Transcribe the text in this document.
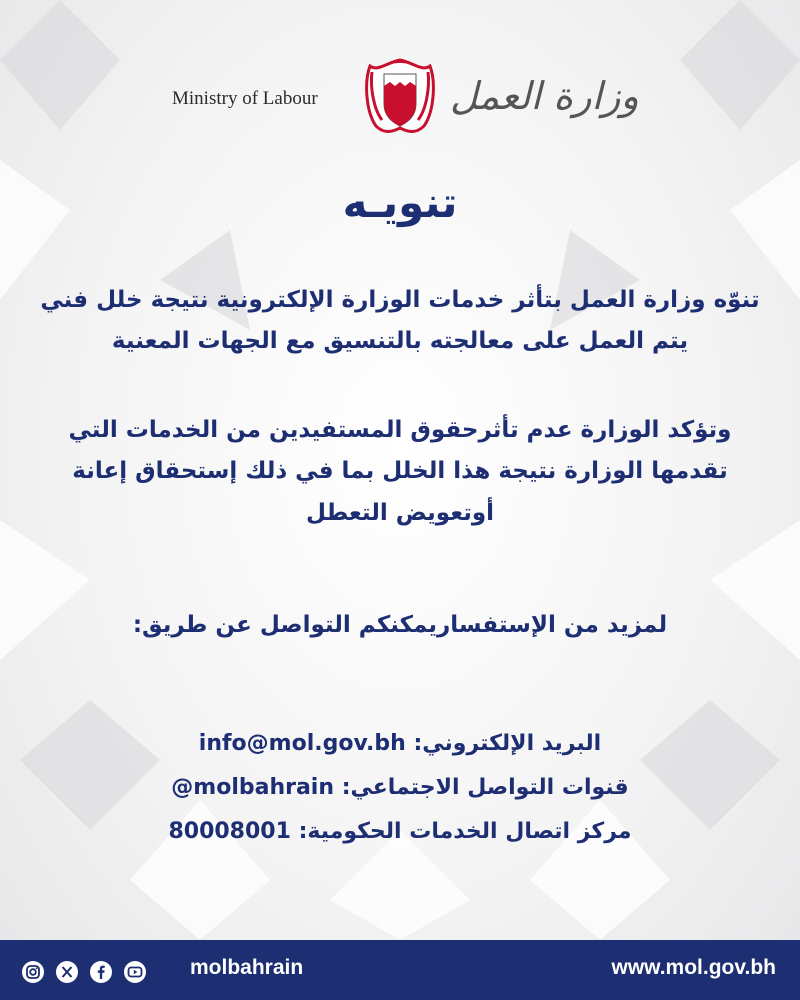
Ministry of Labour	وزارة العمل
تنويـه
تنوّه وزارة العمل بتأثر خدمات الوزارة الإلكترونية نتيجة خلل فني يتم العمل على معالجته بالتنسيق مع الجهات المعنية
وتؤكد الوزارة عدم تأثرحقوق المستفيدين من الخدمات التي تقدمها الوزارة نتيجة هذا الخلل بما في ذلك إستحقاق إعانة أوتعويض التعطل
لمزيد من الإستفساريمكنكم التواصل عن طريق:
البريد الإلكتروني: info@mol.gov.bh
قنوات التواصل الاجتماعي: @molbahrain
مركز اتصال الخدمات الحكومية: 80008001
molbahrain	www.mol.gov.bh
